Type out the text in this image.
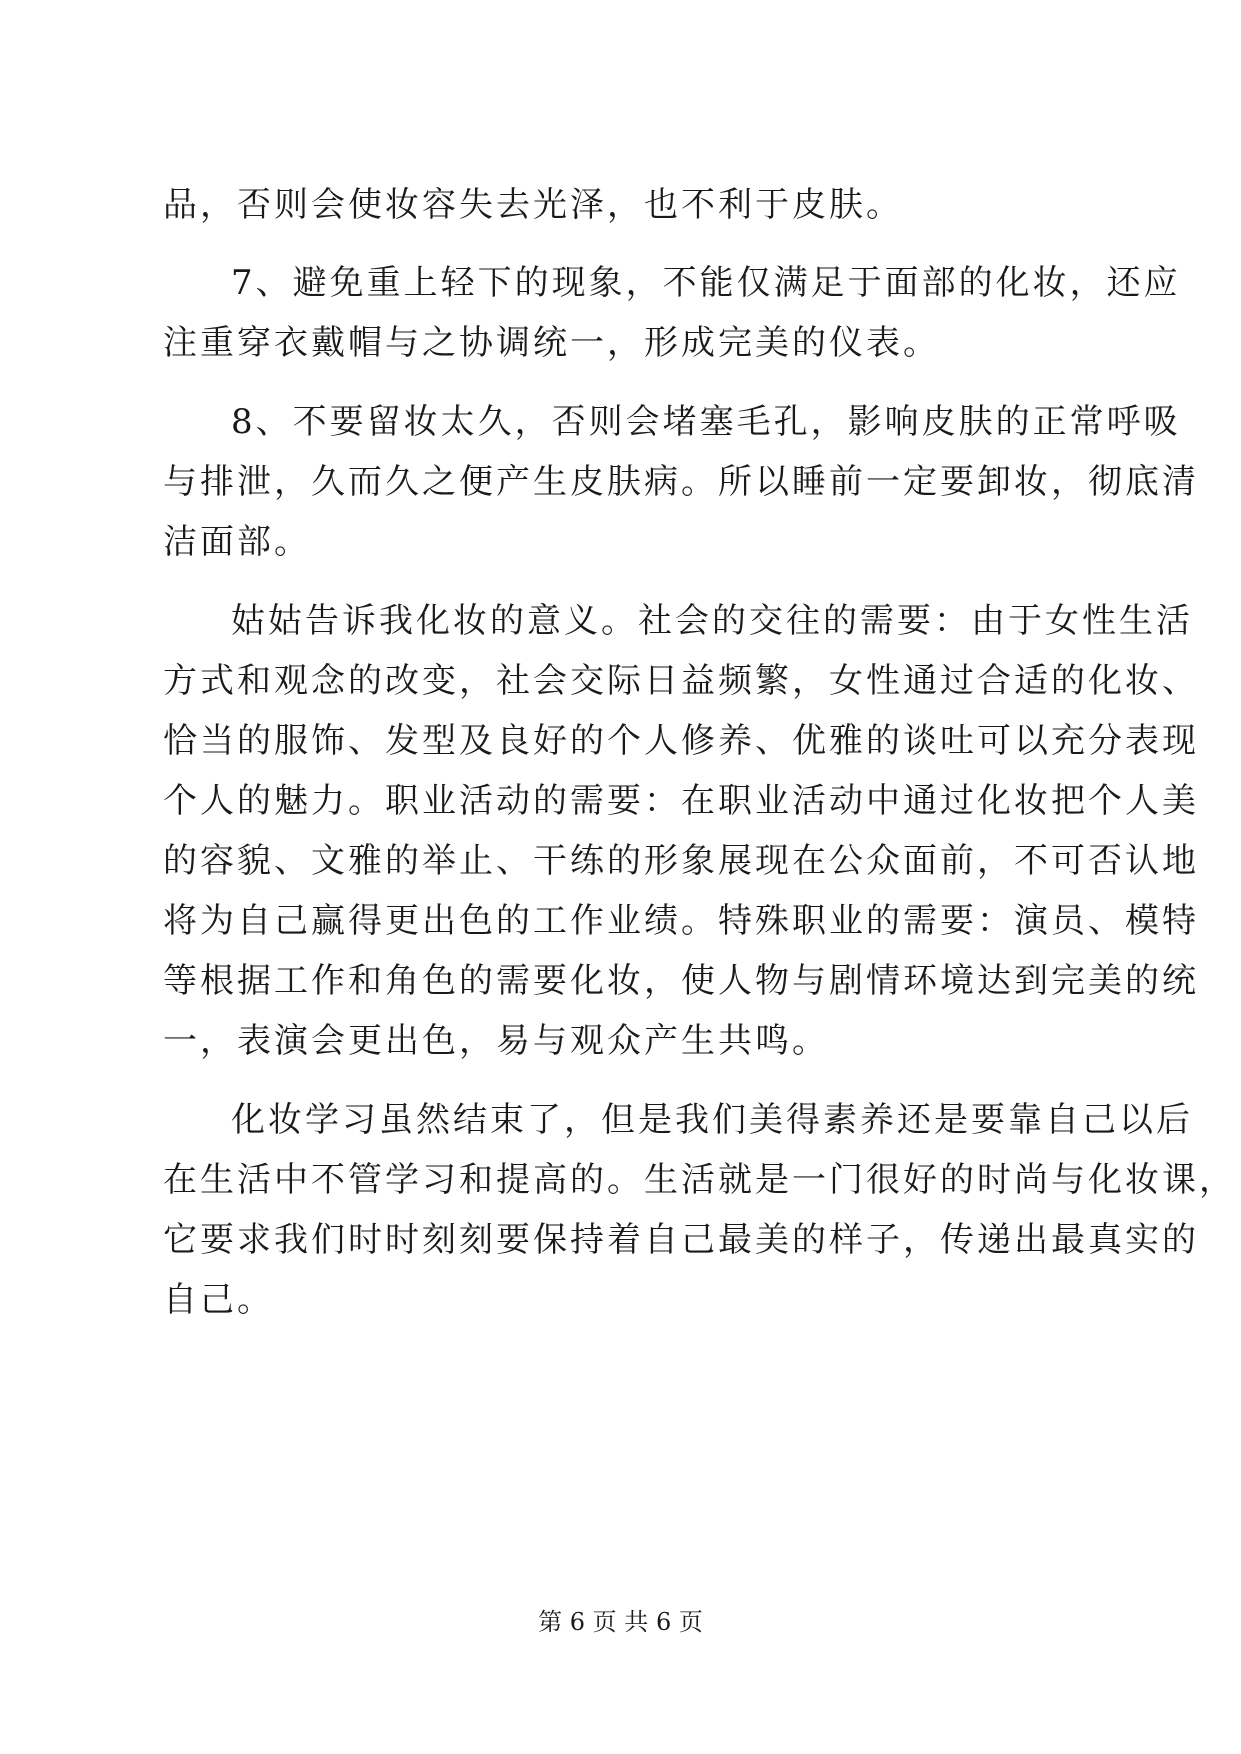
品，否则会使妆容失去光泽，也不利于皮肤。
7、避免重上轻下的现象，不能仅满足于面部的化妆，还应
注重穿衣戴帽与之协调统一，形成完美的仪表。
8、不要留妆太久，否则会堵塞毛孔，影响皮肤的正常呼吸
与排泄，久而久之便产生皮肤病。所以睡前一定要卸妆，彻底清
洁面部。
姑姑告诉我化妆的意义。社会的交往的需要：由于女性生活
方式和观念的改变，社会交际日益频繁，女性通过合适的化妆、
恰当的服饰、发型及良好的个人修养、优雅的谈吐可以充分表现
个人的魅力。职业活动的需要：在职业活动中通过化妆把个人美
的容貌、文雅的举止、干练的形象展现在公众面前，不可否认地
将为自己赢得更出色的工作业绩。特殊职业的需要：演员、模特
等根据工作和角色的需要化妆，使人物与剧情环境达到完美的统
一，表演会更出色，易与观众产生共鸣。
化妆学习虽然结束了，但是我们美得素养还是要靠自己以后
在生活中不管学习和提高的。生活就是一门很好的时尚与化妆课，
它要求我们时时刻刻要保持着自己最美的样子，传递出最真实的
自己。
第 6 页 共 6 页
